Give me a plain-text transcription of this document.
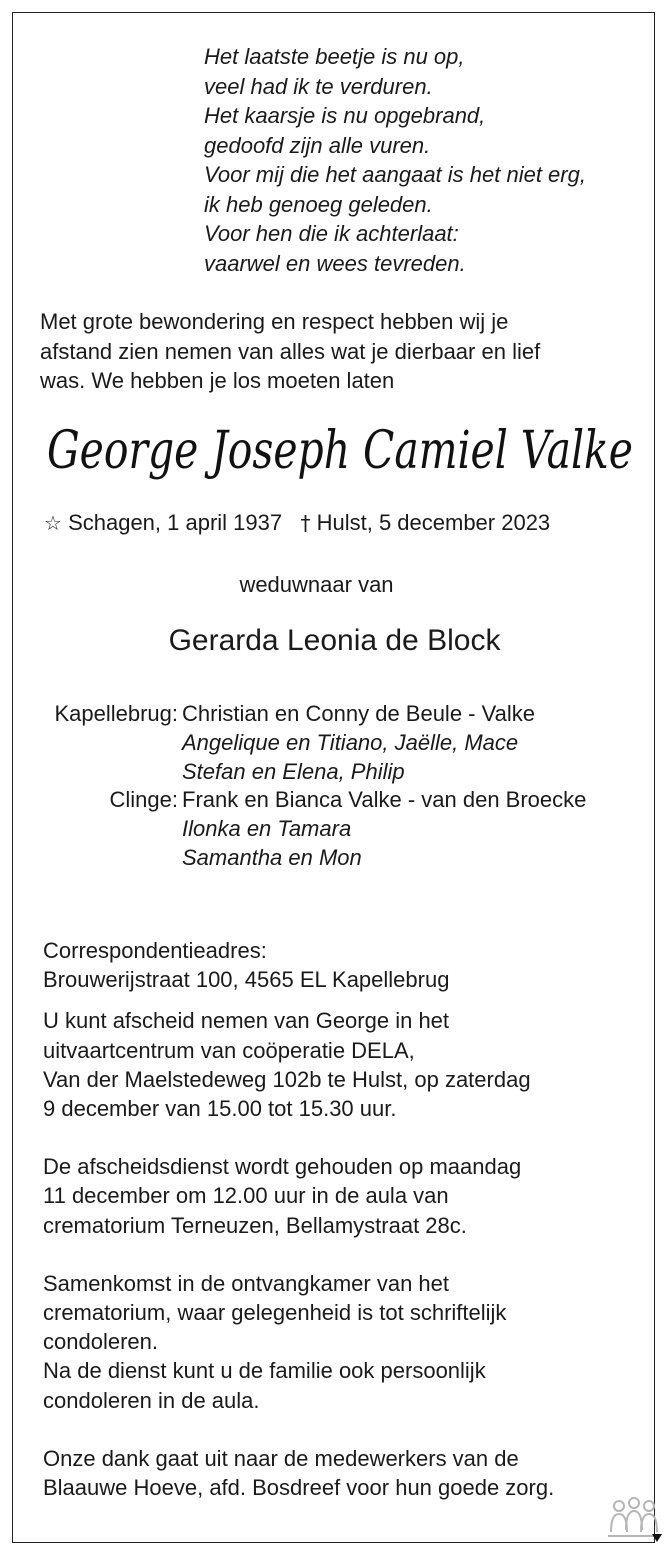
Het laatste beetje is nu op,
veel had ik te verduren.
Het kaarsje is nu opgebrand,
gedoofd zijn alle vuren.
Voor mij die het aangaat is het niet erg,
ik heb genoeg geleden.
Voor hen die ik achterlaat:
vaarwel en wees tevreden.
Met grote bewondering en respect hebben wij je
afstand zien nemen van alles wat je dierbaar en lief
was. We hebben je los moeten laten
George Joseph Camiel Valke
☆ Schagen, 1 april 1937 † Hulst, 5 december 2023
weduwnaar van
Gerarda Leonia de Block
Kapellebrug: Christian en Conny de Beule - Valke
Angelique en Titiano, Jaëlle, Mace
Stefan en Elena, Philip
Clinge: Frank en Bianca Valke - van den Broecke
Ilonka en Tamara
Samantha en Mon
Correspondentieadres:
Brouwerijstraat 100, 4565 EL Kapellebrug
U kunt afscheid nemen van George in het
uitvaartcentrum van coöperatie DELA,
Van der Maelstedeweg 102b te Hulst, op zaterdag
9 december van 15.00 tot 15.30 uur.
De afscheidsdienst wordt gehouden op maandag
11 december om 12.00 uur in de aula van
crematorium Terneuzen, Bellamystraat 28c.
Samenkomst in de ontvangkamer van het
crematorium, waar gelegenheid is tot schriftelijk
condoleren.
Na de dienst kunt u de familie ook persoonlijk
condoleren in de aula.
Onze dank gaat uit naar de medewerkers van de
Blaauwe Hoeve, afd. Bosdreef voor hun goede zorg.
